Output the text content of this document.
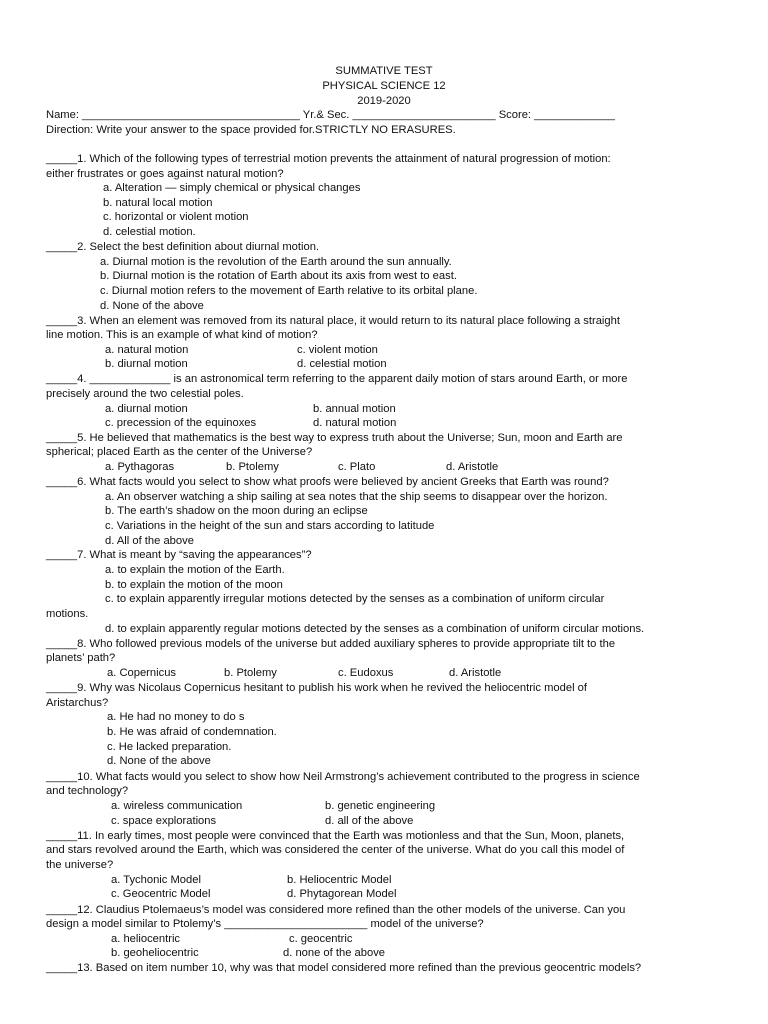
SUMMATIVE TEST
PHYSICAL SCIENCE 12
2019-2020
Name: ___________________________________ Yr.& Sec. _______________________ Score: _____________
Direction: Write your answer to the space provided for.STRICTLY NO ERASURES.
_____1. Which of the following types of terrestrial motion prevents the attainment of natural progression of motion:
either frustrates or goes against natural motion?
a. Alteration — simply chemical or physical changes
b. natural local motion
c. horizontal or violent motion
d. celestial motion.
_____2. Select the best definition about diurnal motion.
a. Diurnal motion is the revolution of the Earth around the sun annually.
b. Diurnal motion is the rotation of Earth about its axis from west to east.
c. Diurnal motion refers to the movement of Earth relative to its orbital plane.
d. None of the above
_____3. When an element was removed from its natural place, it would return to its natural place following a straight
line motion. This is an example of what kind of motion?
a. natural motion	c. violent motion
b. diurnal motion	d. celestial motion
_____4. _____________ is an astronomical term referring to the apparent daily motion of stars around Earth, or more
precisely around the two celestial poles.
a. diurnal motion	b. annual motion
c. precession of the equinoxes	d. natural motion
_____5. He believed that mathematics is the best way to express truth about the Universe; Sun, moon and Earth are
spherical; placed Earth as the center of the Universe?
a. Pythagoras	b. Ptolemy	c. Plato	d. Aristotle
_____6. What facts would you select to show what proofs were believed by ancient Greeks that Earth was round?
a. An observer watching a ship sailing at sea notes that the ship seems to disappear over the horizon.
b. The earth’s shadow on the moon during an eclipse
c. Variations in the height of the sun and stars according to latitude
d. All of the above
_____7. What is meant by “saving the appearances”?
a. to explain the motion of the Earth.
b. to explain the motion of the moon
c. to explain apparently irregular motions detected by the senses as a combination of uniform circular
motions.
d. to explain apparently regular motions detected by the senses as a combination of uniform circular motions.
_____8. Who followed previous models of the universe but added auxiliary spheres to provide appropriate tilt to the
planets’ path?
a. Copernicus	b. Ptolemy	c. Eudoxus	d. Aristotle
_____9. Why was Nicolaus Copernicus hesitant to publish his work when he revived the heliocentric model of
Aristarchus?
a. He had no money to do s
b. He was afraid of condemnation.
c. He lacked preparation.
d. None of the above
_____10. What facts would you select to show how Neil Armstrong’s achievement contributed to the progress in science
and technology?
a. wireless communication	b. genetic engineering
c. space explorations	d. all of the above
_____11. In early times, most people were convinced that the Earth was motionless and that the Sun, Moon, planets,
and stars revolved around the Earth, which was considered the center of the universe. What do you call this model of
the universe?
a. Tychonic Model	b. Heliocentric Model
c. Geocentric Model	d. Phytagorean Model
_____12. Claudius Ptolemaeus’s model was considered more refined than the other models of the universe. Can you
design a model similar to Ptolemy’s _______________________ model of the universe?
a. heliocentric	c. geocentric
b. geoheliocentric	d. none of the above
_____13. Based on item number 10, why was that model considered more refined than the previous geocentric models?
